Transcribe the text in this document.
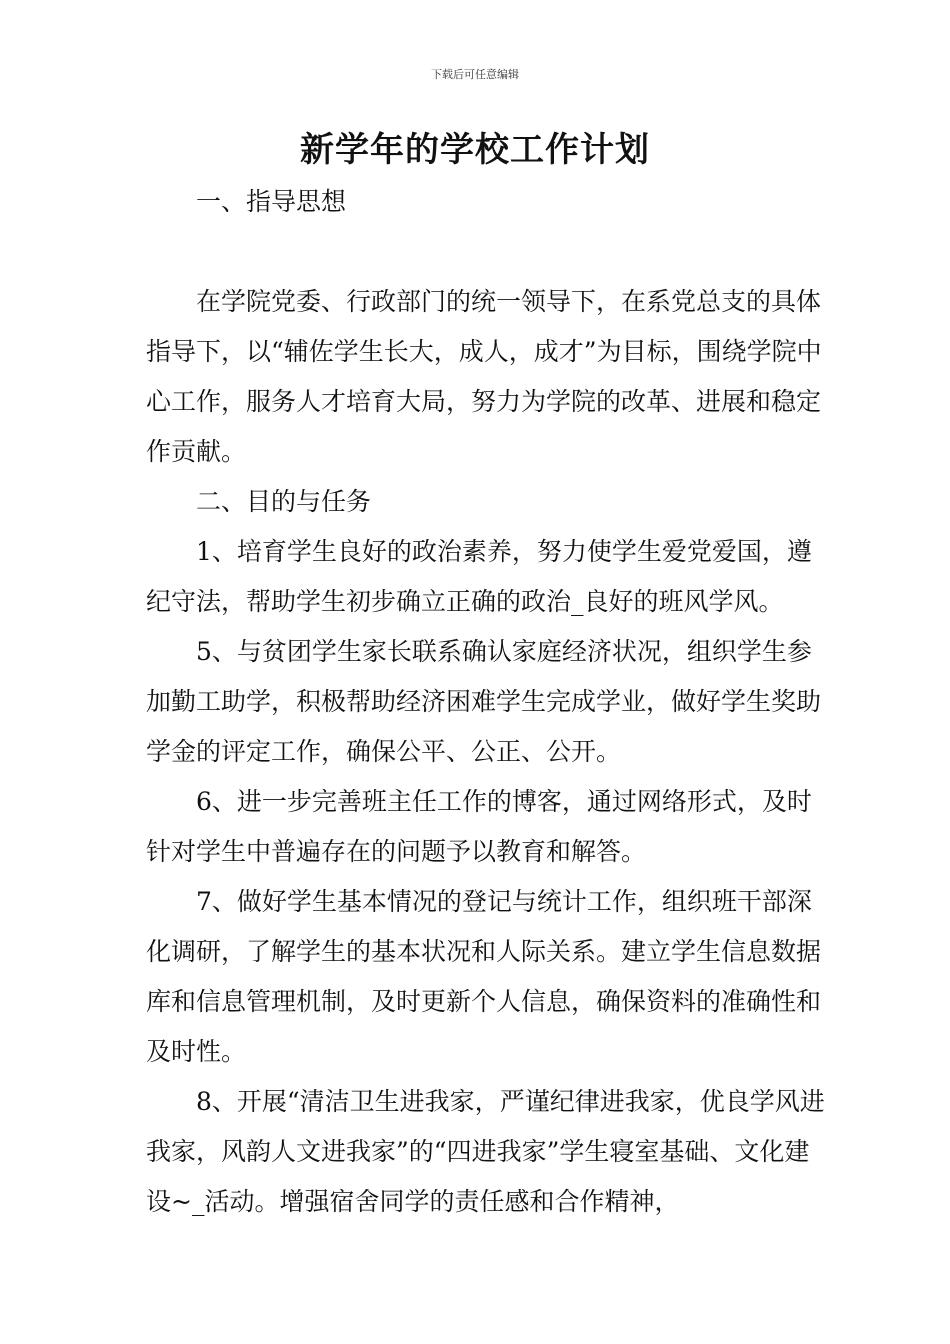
下载后可任意编辑
新学年的学校工作计划

一、指导思想

在学院党委、行政部门的统一领导下，在系党总支的具体指导下，以“辅佐学生长大，成人，成才”为目标，围绕学院中心工作，服务人才培育大局，努力为学院的改革、进展和稳定作贡献。

二、目的与任务

1、培育学生良好的政治素养，努力使学生爱党爱国，遵纪守法，帮助学生初步确立正确的政治_良好的班风学风。

5、与贫团学生家长联系确认家庭经济状况，组织学生参加勤工助学，积极帮助经济困难学生完成学业，做好学生奖助学金的评定工作，确保公平、公正、公开。

6、进一步完善班主任工作的博客，通过网络形式，及时针对学生中普遍存在的问题予以教育和解答。

7、做好学生基本情况的登记与统计工作，组织班干部深化调研，了解学生的基本状况和人际关系。建立学生信息数据库和信息管理机制，及时更新个人信息，确保资料的准确性和及时性。

8、开展“清洁卫生进我家，严谨纪律进我家，优良学风进我家，风韵人文进我家”的“四进我家”学生寝室基础、文化建设~_活动。增强宿舍同学的责任感和合作精神，
